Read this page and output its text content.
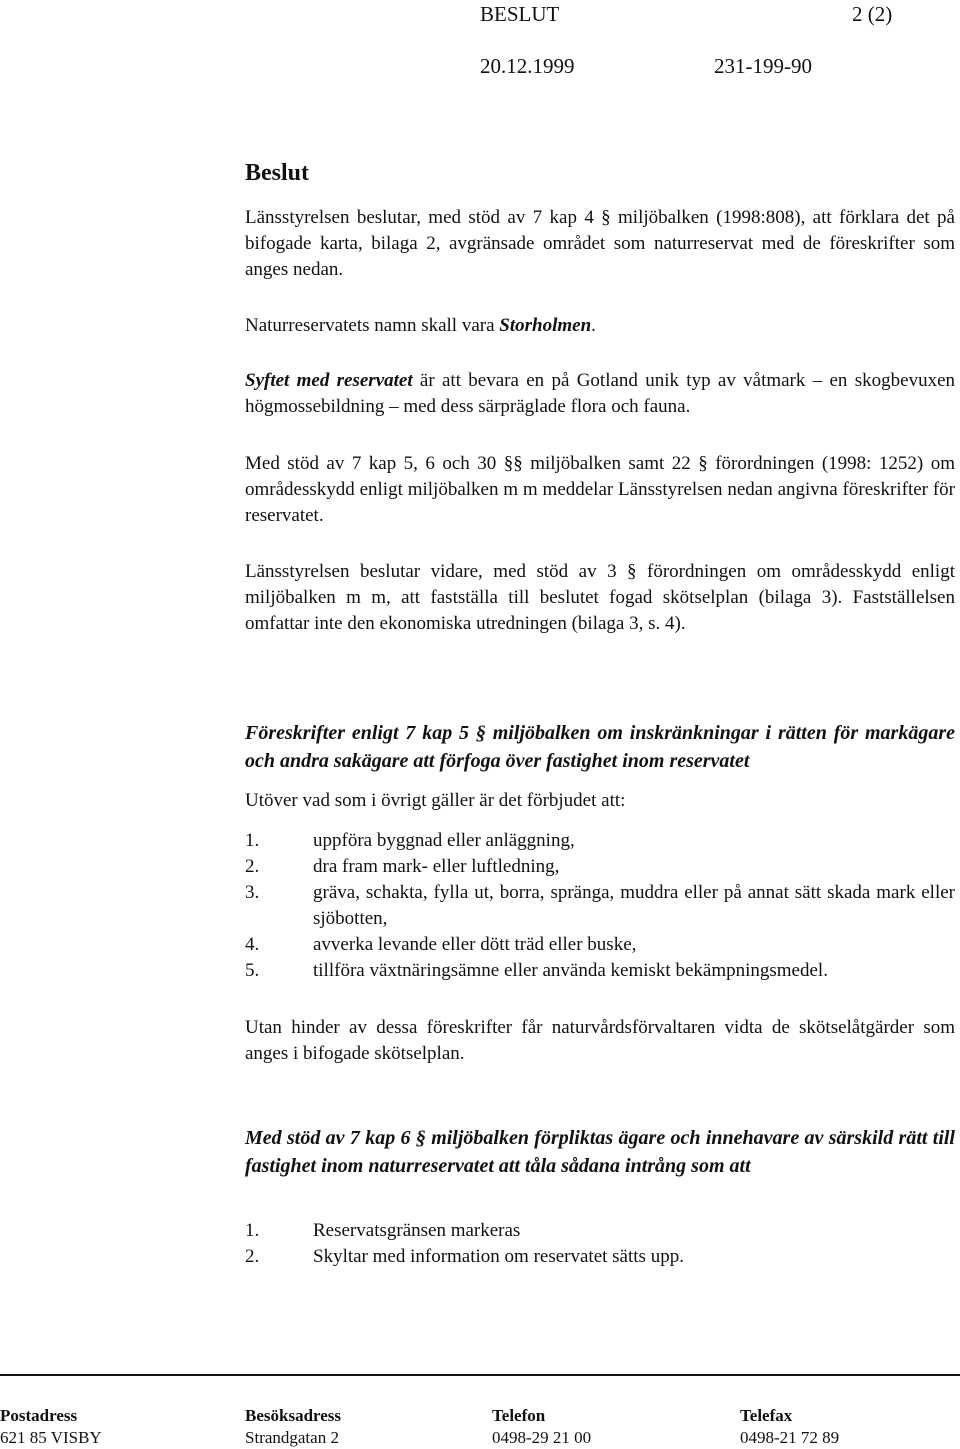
BESLUT	2 (2)
20.12.1999	231-199-90
Beslut
Länsstyrelsen beslutar, med stöd av 7 kap 4 § miljöbalken (1998:808), att förklara det på bifogade karta, bilaga 2, avgränsade området som naturreservat med de föreskrifter som anges nedan.
Naturreservatets namn skall vara Storholmen.
Syftet med reservatet är att bevara en på Gotland unik typ av våtmark – en skogbevuxen högmossebildning – med dess särpräglade flora och fauna.
Med stöd av 7 kap 5, 6 och 30 §§ miljöbalken samt 22 § förordningen (1998: 1252) om områdesskydd enligt miljöbalken m m meddelar Länsstyrelsen nedan angivna föreskrifter för reservatet.
Länsstyrelsen beslutar vidare, med stöd av 3 § förordningen om områdesskydd enligt miljöbalken m m, att fastställa till beslutet fogad skötselplan (bilaga 3). Fastställelsen omfattar inte den ekonomiska utredningen (bilaga 3, s. 4).
Föreskrifter enligt 7 kap 5 § miljöbalken om inskränkningar i rätten för markägare och andra sakägare att förfoga över fastighet inom reservatet
Utöver vad som i övrigt gäller är det förbjudet att:
1.	uppföra byggnad eller anläggning,
2.	dra fram mark- eller luftledning,
3.	gräva, schakta, fylla ut, borra, spränga, muddra eller på annat sätt skada mark eller sjöbotten,
4.	avverka levande eller dött träd eller buske,
5.	tillföra växtnäringsämne eller använda kemiskt bekämpningsmedel.
Utan hinder av dessa föreskrifter får naturvårdsförvaltaren vidta de skötselåtgärder som anges i bifogade skötselplan.
Med stöd av 7 kap 6 § miljöbalken förpliktas ägare och innehavare av särskild rätt till fastighet inom naturreservatet att tåla sådana intrång som att
1.	Reservatsgränsen markeras
2.	Skyltar med information om reservatet sätts upp.
Postadress	Besöksadress	Telefon	Telefax
621 85 VISBY	Strandgatan 2	0498-29 21 00	0498-21 72 89
